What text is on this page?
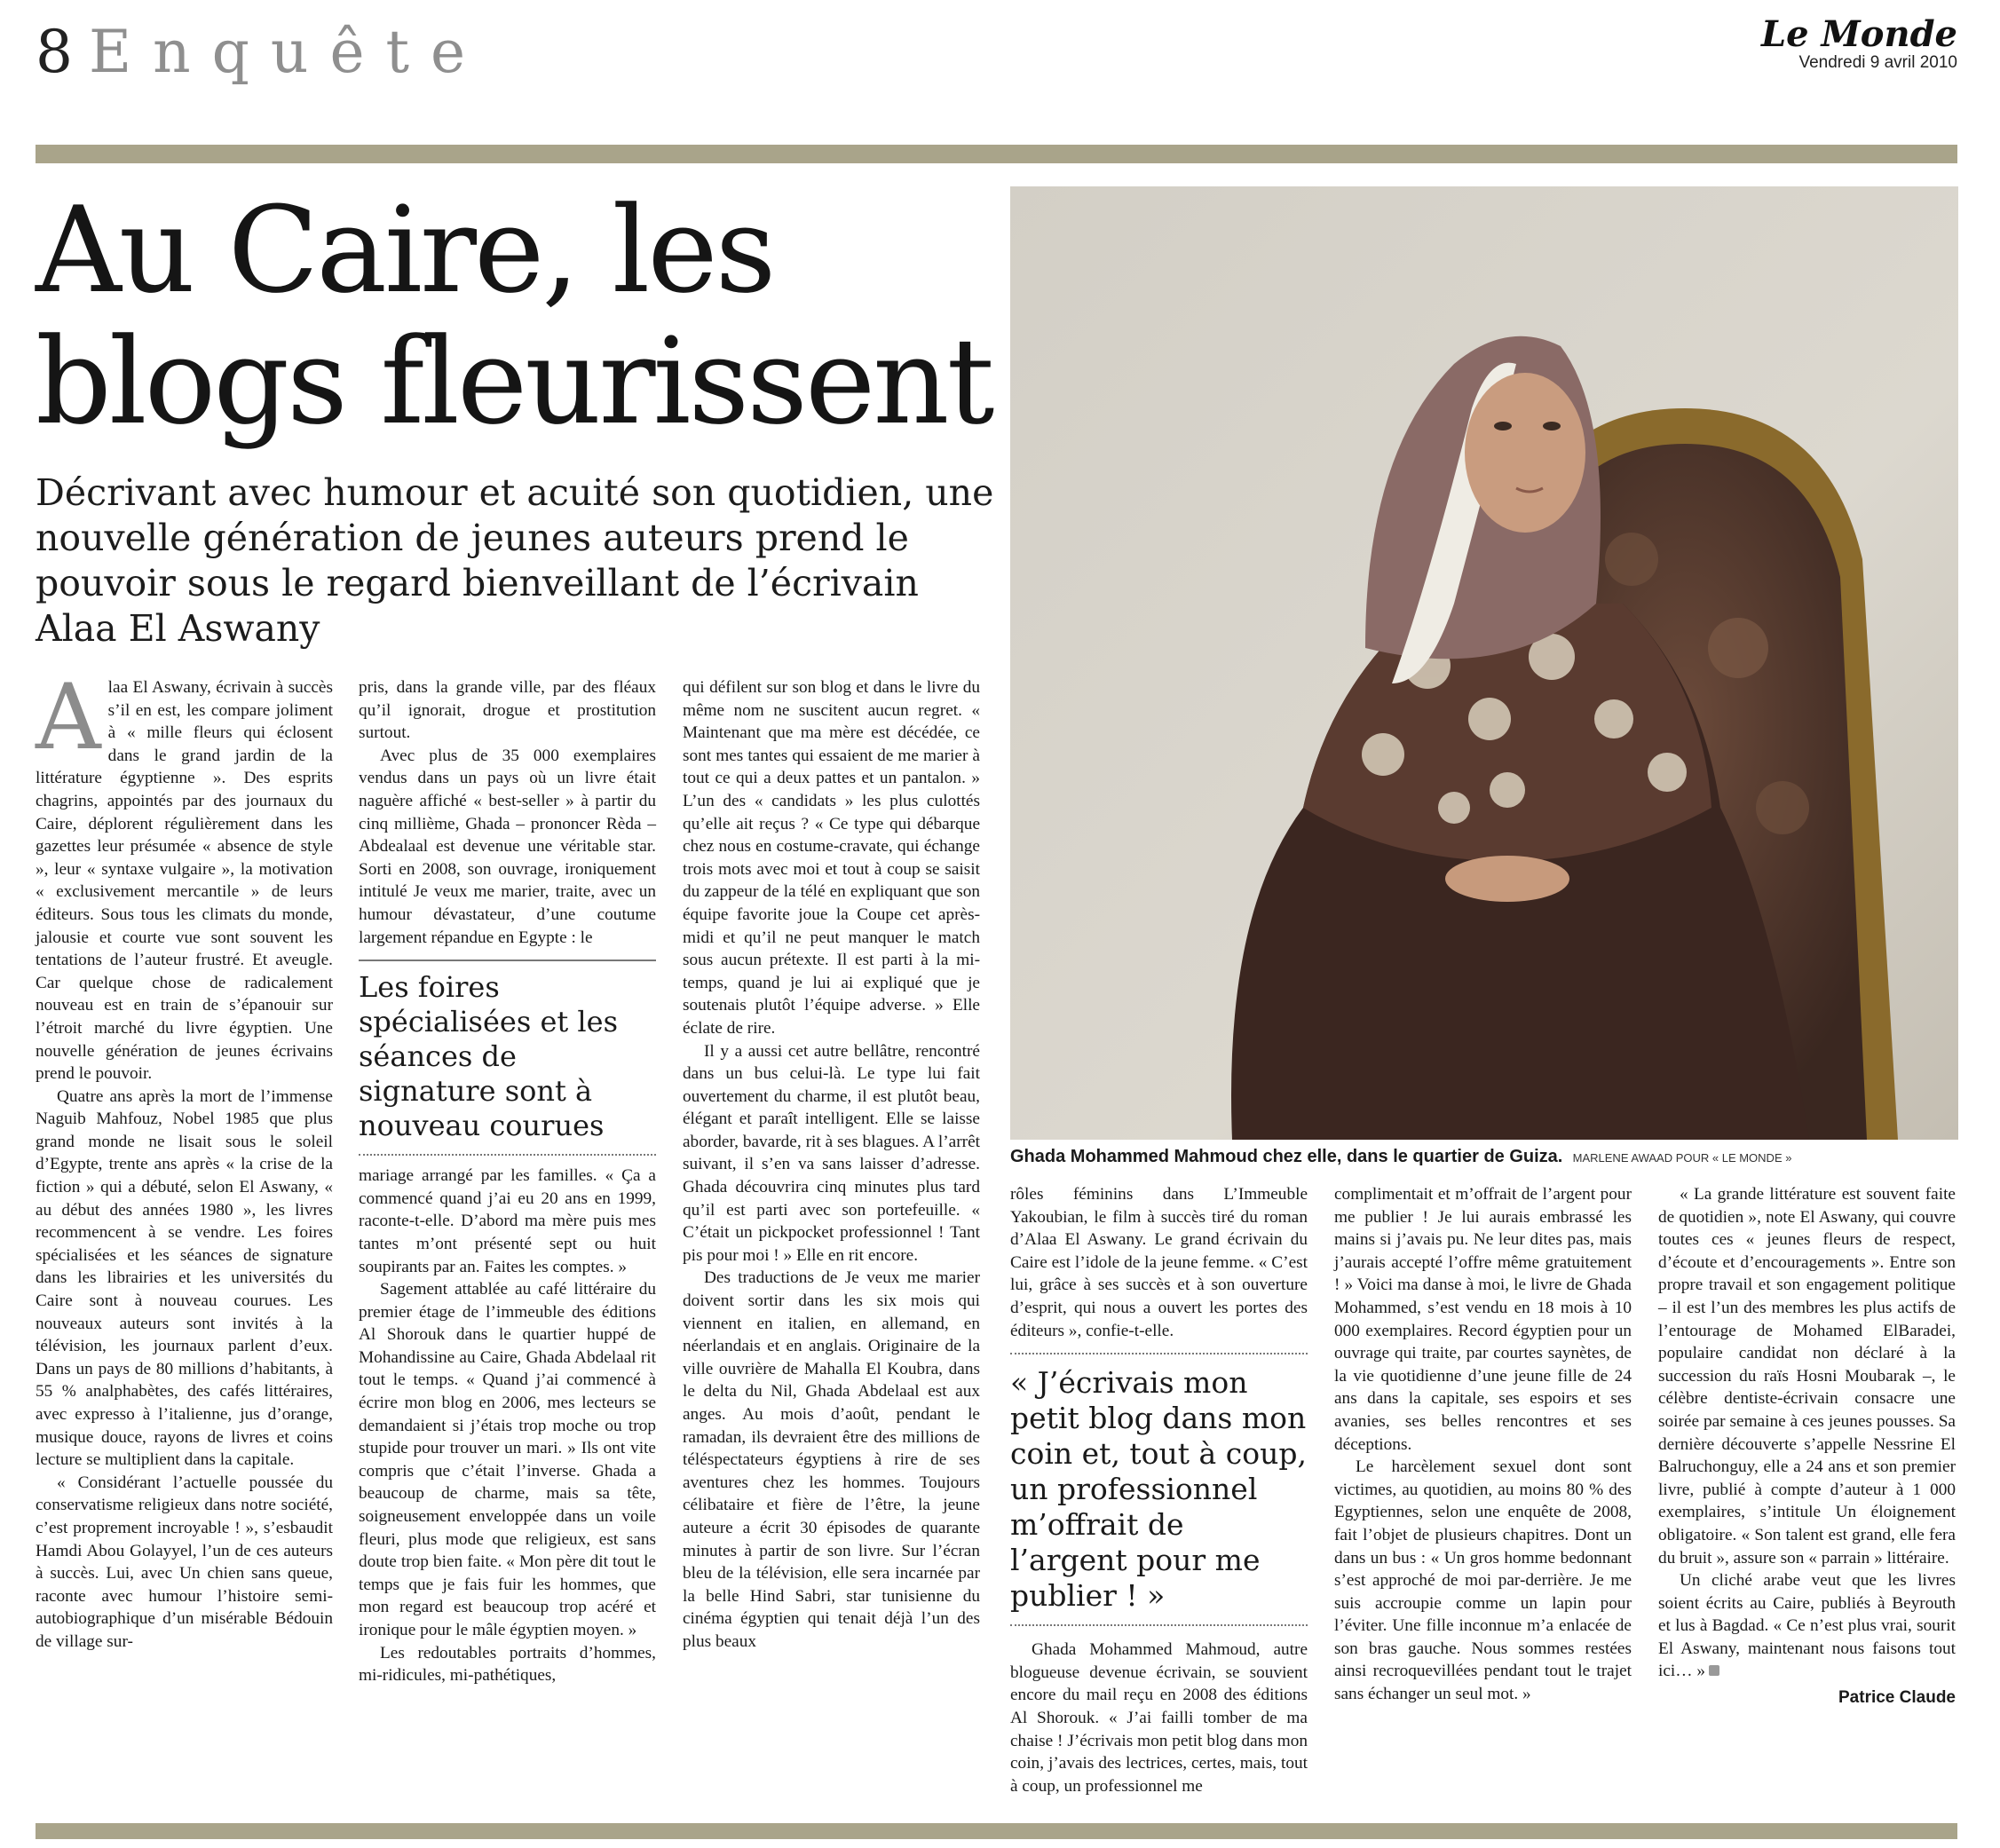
8 Enquête	Le Monde
Vendredi 9 avril 2010
Au Caire, les blogs fleurissent
Décrivant avec humour et acuité son quotidien, une nouvelle génération de jeunes auteurs prend le pouvoir sous le regard bienveillant de l’écrivain Alaa El Aswany
Ghada Mohammed Mahmoud chez elle, dans le quartier de Guiza. MARLENE AWAAD POUR « LE MONDE »

Alaa El Aswany, écrivain à succès s’il en est, les compare joliment à « mille fleurs qui éclosent dans le grand jardin de la littérature égyptienne ». Des esprits chagrins, appointés par des journaux du Caire, déplorent régulièrement dans les gazettes leur présumée « absence de style », leur « syntaxe vulgaire », la motivation « exclusivement mercantile » de leurs éditeurs. Sous tous les climats du monde, jalousie et courte vue sont souvent les tentations de l’auteur frustré. Et aveugle. Car quelque chose de radicalement nouveau est en train de s’épanouir sur l’étroit marché du livre égyptien. Une nouvelle génération de jeunes écrivains prend le pouvoir.

Quatre ans après la mort de l’immense Naguib Mahfouz, Nobel 1985 que plus grand monde ne lisait sous le soleil d’Egypte, trente ans après « la crise de la fiction » qui a débuté, selon El Aswany, « au début des années 1980 », les livres recommencent à se vendre. Les foires spécialisées et les séances de signature dans les librairies et les universités du Caire sont à nouveau courues. Les nouveaux auteurs sont invités à la télévision, les journaux parlent d’eux. Dans un pays de 80 millions d’habitants, à 55 % analphabètes, des cafés littéraires, avec expresso à l’italienne, jus d’orange, musique douce, rayons de livres et coins lecture se multiplient dans la capitale.

« Considérant l’actuelle poussée du conservatisme religieux dans notre société, c’est proprement incroyable ! », s’esbaudit Hamdi Abou Golayyel, l’un de ces auteurs à succès. Lui, avec Un chien sans queue, raconte avec humour l’histoire semi-autobiographique d’un misérable Bédouin de village sur-

pris, dans la grande ville, par des fléaux qu’il ignorait, drogue et prostitution surtout.

Avec plus de 35 000 exemplaires vendus dans un pays où un livre était naguère affiché « best-seller » à partir du cinq millième, Ghada – prononcer Rèda – Abdealaal est devenue une véritable star. Sorti en 2008, son ouvrage, ironiquement intitulé Je veux me marier, traite, avec un humour dévastateur, d’une coutume largement répandue en Egypte : le

Les foires spécialisées et les séances de signature sont à nouveau courues

mariage arrangé par les familles. « Ça a commencé quand j’ai eu 20 ans en 1999, raconte-t-elle. D’abord ma mère puis mes tantes m’ont présenté sept ou huit soupirants par an. Faites les comptes. »

Sagement attablée au café littéraire du premier étage de l’immeuble des éditions Al Shorouk dans le quartier huppé de Mohandissine au Caire, Ghada Abdelaal rit tout le temps. « Quand j’ai commencé à écrire mon blog en 2006, mes lecteurs se demandaient si j’étais trop moche ou trop stupide pour trouver un mari. » Ils ont vite compris que c’était l’inverse. Ghada a beaucoup de charme, mais sa tête, soigneusement enveloppée dans un voile fleuri, plus mode que religieux, est sans doute trop bien faite. « Mon père dit tout le temps que je fais fuir les hommes, que mon regard est beaucoup trop acéré et ironique pour le mâle égyptien moyen. »

Les redoutables portraits d’hommes, mi-ridicules, mi-pathétiques,

qui défilent sur son blog et dans le livre du même nom ne suscitent aucun regret. « Maintenant que ma mère est décédée, ce sont mes tantes qui essaient de me marier à tout ce qui a deux pattes et un pantalon. » L’un des « candidats » les plus culottés qu’elle ait reçus ? « Ce type qui débarque chez nous en costume-cravate, qui échange trois mots avec moi et tout à coup se saisit du zappeur de la télé en expliquant que son équipe favorite joue la Coupe cet après-midi et qu’il ne peut manquer le match sous aucun prétexte. Il est parti à la mi-temps, quand je lui ai expliqué que je soutenais plutôt l’équipe adverse. » Elle éclate de rire.

Il y a aussi cet autre bellâtre, rencontré dans un bus celui-là. Le type lui fait ouvertement du charme, il est plutôt beau, élégant et paraît intelligent. Elle se laisse aborder, bavarde, rit à ses blagues. A l’arrêt suivant, il s’en va sans laisser d’adresse. Ghada découvrira cinq minutes plus tard qu’il est parti avec son portefeuille. « C’était un pickpocket professionnel ! Tant pis pour moi ! » Elle en rit encore.

Des traductions de Je veux me marier doivent sortir dans les six mois qui viennent en italien, en allemand, en néerlandais et en anglais. Originaire de la ville ouvrière de Mahalla El Koubra, dans le delta du Nil, Ghada Abdelaal est aux anges. Au mois d’août, pendant le ramadan, ils devraient être des millions de téléspectateurs égyptiens à rire de ses aventures chez les hommes. Toujours célibataire et fière de l’être, la jeune auteure a écrit 30 épisodes de quarante minutes à partir de son livre. Sur l’écran bleu de la télévision, elle sera incarnée par la belle Hind Sabri, star tunisienne du cinéma égyptien qui tenait déjà l’un des plus beaux

rôles féminins dans L’Immeuble Yakoubian, le film à succès tiré du roman d’Alaa El Aswany. Le grand écrivain du Caire est l’idole de la jeune femme. « C’est lui, grâce à ses succès et à son ouverture d’esprit, qui nous a ouvert les portes des éditeurs », confie-t-elle.

« J’écrivais mon petit blog dans mon coin et, tout à coup, un professionnel m’offrait de l’argent pour me publier ! »

Ghada Mohammed Mahmoud, autre blogueuse devenue écrivain, se souvient encore du mail reçu en 2008 des éditions Al Shorouk. « J’ai failli tomber de ma chaise ! J’écrivais mon petit blog dans mon coin, j’avais des lectrices, certes, mais, tout à coup, un professionnel me

complimentait et m’offrait de l’argent pour me publier ! Je lui aurais embrassé les mains si j’avais pu. Ne leur dites pas, mais j’aurais accepté l’offre même gratuitement ! » Voici ma danse à moi, le livre de Ghada Mohammed, s’est vendu en 18 mois à 10 000 exemplaires. Record égyptien pour un ouvrage qui traite, par courtes saynètes, de la vie quotidienne d’une jeune fille de 24 ans dans la capitale, ses espoirs et ses avanies, ses belles rencontres et ses déceptions.

Le harcèlement sexuel dont sont victimes, au quotidien, au moins 80 % des Egyptiennes, selon une enquête de 2008, fait l’objet de plusieurs chapitres. Dont un dans un bus : « Un gros homme bedonnant s’est approché de moi par-derrière. Je me suis accroupie comme un lapin pour l’éviter. Une fille inconnue m’a enlacée de son bras gauche. Nous sommes restées ainsi recroquevillées pendant tout le trajet sans échanger un seul mot. »

« La grande littérature est souvent faite de quotidien », note El Aswany, qui couvre toutes ces « jeunes fleurs de respect, d’écoute et d’encouragements ». Entre son propre travail et son engagement politique – il est l’un des membres les plus actifs de l’entourage de Mohamed ElBaradei, populaire candidat non déclaré à la succession du raïs Hosni Moubarak –, le célèbre dentiste-écrivain consacre une soirée par semaine à ces jeunes pousses. Sa dernière découverte s’appelle Nessrine El Balruchonguy, elle a 24 ans et son premier livre, publié à compte d’auteur à 1 000 exemplaires, s’intitule Un éloignement obligatoire. « Son talent est grand, elle fera du bruit », assure son « parrain » littéraire.

Un cliché arabe veut que les livres soient écrits au Caire, publiés à Beyrouth et lus à Bagdad. « Ce n’est plus vrai, sourit El Aswany, maintenant nous faisons tout ici… »

Patrice Claude
